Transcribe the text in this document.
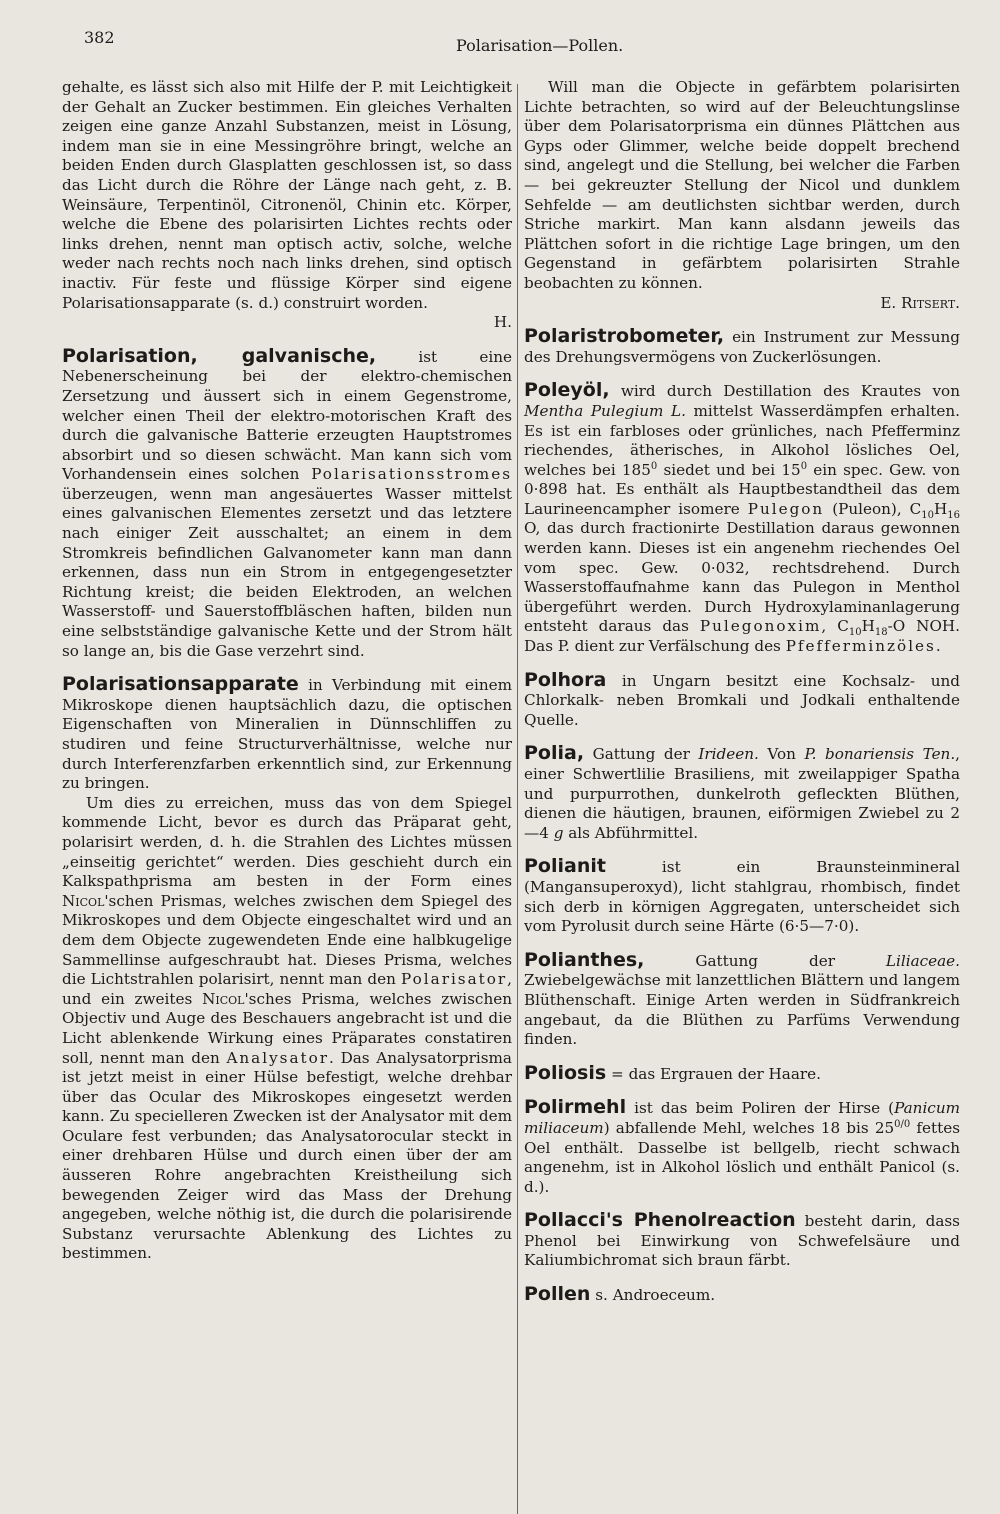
382	Polarisation—Pollen.

gehalte, es lässt sich also mit Hilfe der P. mit Leichtigkeit der Gehalt an Zucker bestimmen. Ein gleiches Verhalten zeigen eine ganze Anzahl Substanzen, meist in Lösung, indem man sie in eine Messingröhre bringt, welche an beiden Enden durch Glasplatten geschlossen ist, so dass das Licht durch die Röhre der Länge nach geht, z. B. Weinsäure, Terpentinöl, Citronenöl, Chinin etc. Körper, welche die Ebene des polarisirten Lichtes rechts oder links drehen, nennt man optisch activ, solche, welche weder nach rechts noch nach links drehen, sind optisch inactiv. Für feste und flüssige Körper sind eigene Polarisationsapparate (s. d.) construirt worden.

H.

Polarisation, galvanische, ist eine Nebenerscheinung bei der elektro-chemischen Zersetzung und äussert sich in einem Gegenstrome, welcher einen Theil der elektro-motorischen Kraft des durch die galvanische Batterie erzeugten Hauptstromes absorbirt und so diesen schwächt. Man kann sich vom Vorhandensein eines solchen Polarisationsstromes überzeugen, wenn man angesäuertes Wasser mittelst eines galvanischen Elementes zersetzt und das letztere nach einiger Zeit ausschaltet; an einem in dem Stromkreis befindlichen Galvanometer kann man dann erkennen, dass nun ein Strom in entgegengesetzter Richtung kreist; die beiden Elektroden, an welchen Wasserstoff- und Sauerstoffbläschen haften, bilden nun eine selbstständige galvanische Kette und der Strom hält so lange an, bis die Gase verzehrt sind.

Polarisationsapparate in Verbindung mit einem Mikroskope dienen hauptsächlich dazu, die optischen Eigenschaften von Mineralien in Dünnschliffen zu studiren und feine Structurverhältnisse, welche nur durch Interferenzfarben erkenntlich sind, zur Erkennung zu bringen.

Um dies zu erreichen, muss das von dem Spiegel kommende Licht, bevor es durch das Präparat geht, polarisirt werden, d. h. die Strahlen des Lichtes müssen „einseitig gerichtet“ werden. Dies geschieht durch ein Kalkspathprisma am besten in der Form eines Nicol'schen Prismas, welches zwischen dem Spiegel des Mikroskopes und dem Objecte eingeschaltet wird und an dem dem Objecte zugewendeten Ende eine halbkugelige Sammellinse aufgeschraubt hat. Dieses Prisma, welches die Lichtstrahlen polarisirt, nennt man den Polarisator, und ein zweites Nicol'sches Prisma, welches zwischen Objectiv und Auge des Beschauers angebracht ist und die Licht ablenkende Wirkung eines Präparates constatiren soll, nennt man den Analysator. Das Analysatorprisma ist jetzt meist in einer Hülse befestigt, welche drehbar über das Ocular des Mikroskopes eingesetzt werden kann. Zu specielleren Zwecken ist der Analysator mit dem Oculare fest verbunden; das Analysatorocular steckt in einer drehbaren Hülse und durch einen über der am äusseren Rohre angebrachten Kreistheilung sich bewegenden Zeiger wird das Mass der Drehung angegeben, welche nöthig ist, die durch die polarisirende Substanz verursachte Ablenkung des Lichtes zu bestimmen.

Will man die Objecte in gefärbtem polarisirten Lichte betrachten, so wird auf der Beleuchtungslinse über dem Polarisatorprisma ein dünnes Plättchen aus Gyps oder Glimmer, welche beide doppelt brechend sind, angelegt und die Stellung, bei welcher die Farben — bei gekreuzter Stellung der Nicol und dunklem Sehfelde — am deutlichsten sichtbar werden, durch Striche markirt. Man kann alsdann jeweils das Plättchen sofort in die richtige Lage bringen, um den Gegenstand in gefärbtem polarisirten Strahle beobachten zu können.

E. Ritsert.

Polaristrobometer, ein Instrument zur Messung des Drehungsvermögens von Zuckerlösungen.

Poleyöl, wird durch Destillation des Krautes von Mentha Pulegium L. mittelst Wasserdämpfen erhalten. Es ist ein farbloses oder grünliches, nach Pfefferminz riechendes, ätherisches, in Alkohol lösliches Oel, welches bei $185^0$ siedet und bei $15^0$ ein spec. Gew. von 0·898 hat. Es enthält als Hauptbestandtheil das dem Laurineencampher isomere Pulegon (Puleon), $C_{10}H_{16}$ O, das durch fractionirte Destillation daraus gewonnen werden kann. Dieses ist ein angenehm riechendes Oel vom spec. Gew. 0·032, rechtsdrehend. Durch Wasserstoffaufnahme kann das Pulegon in Menthol übergeführt werden. Durch Hydroxylaminanlagerung entsteht daraus das Pulegonoxim, $C_{10}H_{18}-O$ NOH. Das P. dient zur Verfälschung des Pfefferminzöles.

Polhora in Ungarn besitzt eine Kochsalz- und Chlorkalk- neben Bromkali und Jodkali enthaltende Quelle.

Polia, Gattung der Irideen. Von P. bonariensis Ten., einer Schwertlilie Brasiliens, mit zweilappiger Spatha und purpurrothen, dunkelroth gefleckten Blüthen, dienen die häutigen, braunen, eiförmigen Zwiebel zu 2—4 g als Abführmittel.

Polianit ist ein Braunsteinmineral (Mangansuperoxyd), licht stahlgrau, rhombisch, findet sich derb in körnigen Aggregaten, unterscheidet sich vom Pyrolusit durch seine Härte (6·5—7·0).

Polianthes, Gattung der Liliaceae. Zwiebelgewächse mit lanzettlichen Blättern und langem Blüthenschaft. Einige Arten werden in Südfrankreich angebaut, da die Blüthen zu Parfüms Verwendung finden.

Poliosis = das Ergrauen der Haare.

Polirmehl ist das beim Poliren der Hirse (Panicum miliaceum) abfallende Mehl, welches 18 bis $25^{0/0}$ fettes Oel enthält. Dasselbe ist bellgelb, riecht schwach angenehm, ist in Alkohol löslich und enthält Panicol (s. d.).

Pollacci's Phenolreaction besteht darin, dass Phenol bei Einwirkung von Schwefelsäure und Kaliumbichromat sich braun färbt.

Pollen s. Androeceum.
